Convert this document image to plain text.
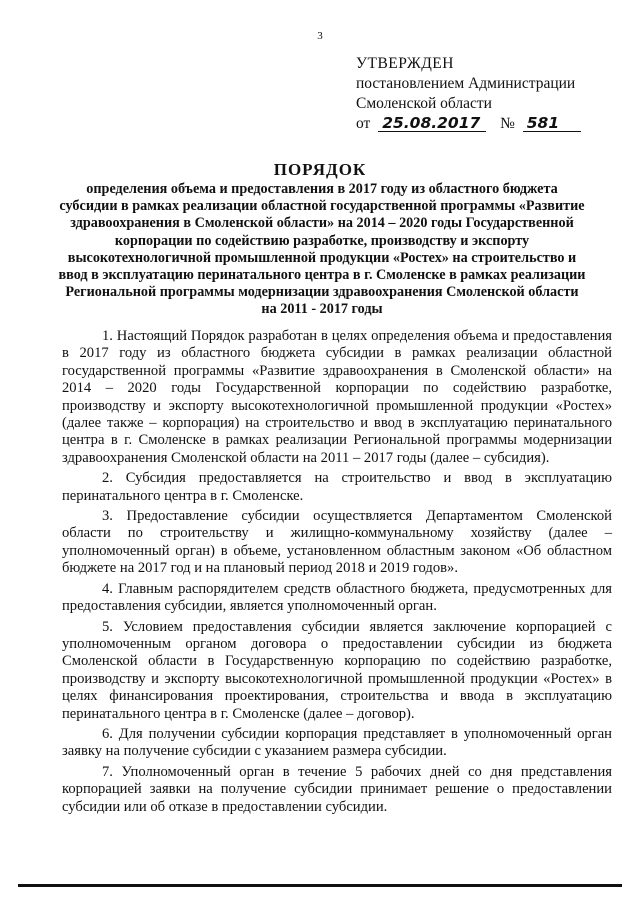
3
УТВЕРЖДЕН
постановлением Администрации
Смоленской области
от 25.08.2017 № 581
ПОРЯДОК
определения объема и предоставления в 2017 году из областного бюджета субсидии в рамках реализации областной государственной программы «Развитие здравоохранения в Смоленской области» на 2014 – 2020 годы Государственной корпорации по содействию разработке, производству и экспорту высокотехнологичной промышленной продукции «Ростех» на строительство и ввод в эксплуатацию перинатального центра в г. Смоленске в рамках реализации Региональной программы модернизации здравоохранения Смоленской области на 2011 - 2017 годы

1. Настоящий Порядок разработан в целях определения объема и предоставления в 2017 году из областного бюджета субсидии в рамках реализации областной государственной программы «Развитие здравоохранения в Смоленской области» на 2014 – 2020 годы Государственной корпорации по содействию разработке, производству и экспорту высокотехнологичной промышленной продукции «Ростех» (далее также – корпорация) на строительство и ввод в эксплуатацию перинатального центра в г. Смоленске в рамках реализации Региональной программы модернизации здравоохранения Смоленской области на 2011 – 2017 годы (далее – субсидия).

2. Субсидия предоставляется на строительство и ввод в эксплуатацию перинатального центра в г. Смоленске.

3. Предоставление субсидии осуществляется Департаментом Смоленской области по строительству и жилищно-коммунальному хозяйству (далее – уполномоченный орган) в объеме, установленном областным законом «Об областном бюджете на 2017 год и на плановый период 2018 и 2019 годов».

4. Главным распорядителем средств областного бюджета, предусмотренных для предоставления субсидии, является уполномоченный орган.

5. Условием предоставления субсидии является заключение корпорацией с уполномоченным органом договора о предоставлении субсидии из бюджета Смоленской области в Государственную корпорацию по содействию разработке, производству и экспорту высокотехнологичной промышленной продукции «Ростех» в целях финансирования проектирования, строительства и ввода в эксплуатацию перинатального центра в г. Смоленске (далее – договор).

6. Для получении субсидии корпорация представляет в уполномоченный орган заявку на получение субсидии с указанием размера субсидии.

7. Уполномоченный орган в течение 5 рабочих дней со дня представления корпорацией заявки на получение субсидии принимает решение о предоставлении субсидии или об отказе в предоставлении субсидии.
